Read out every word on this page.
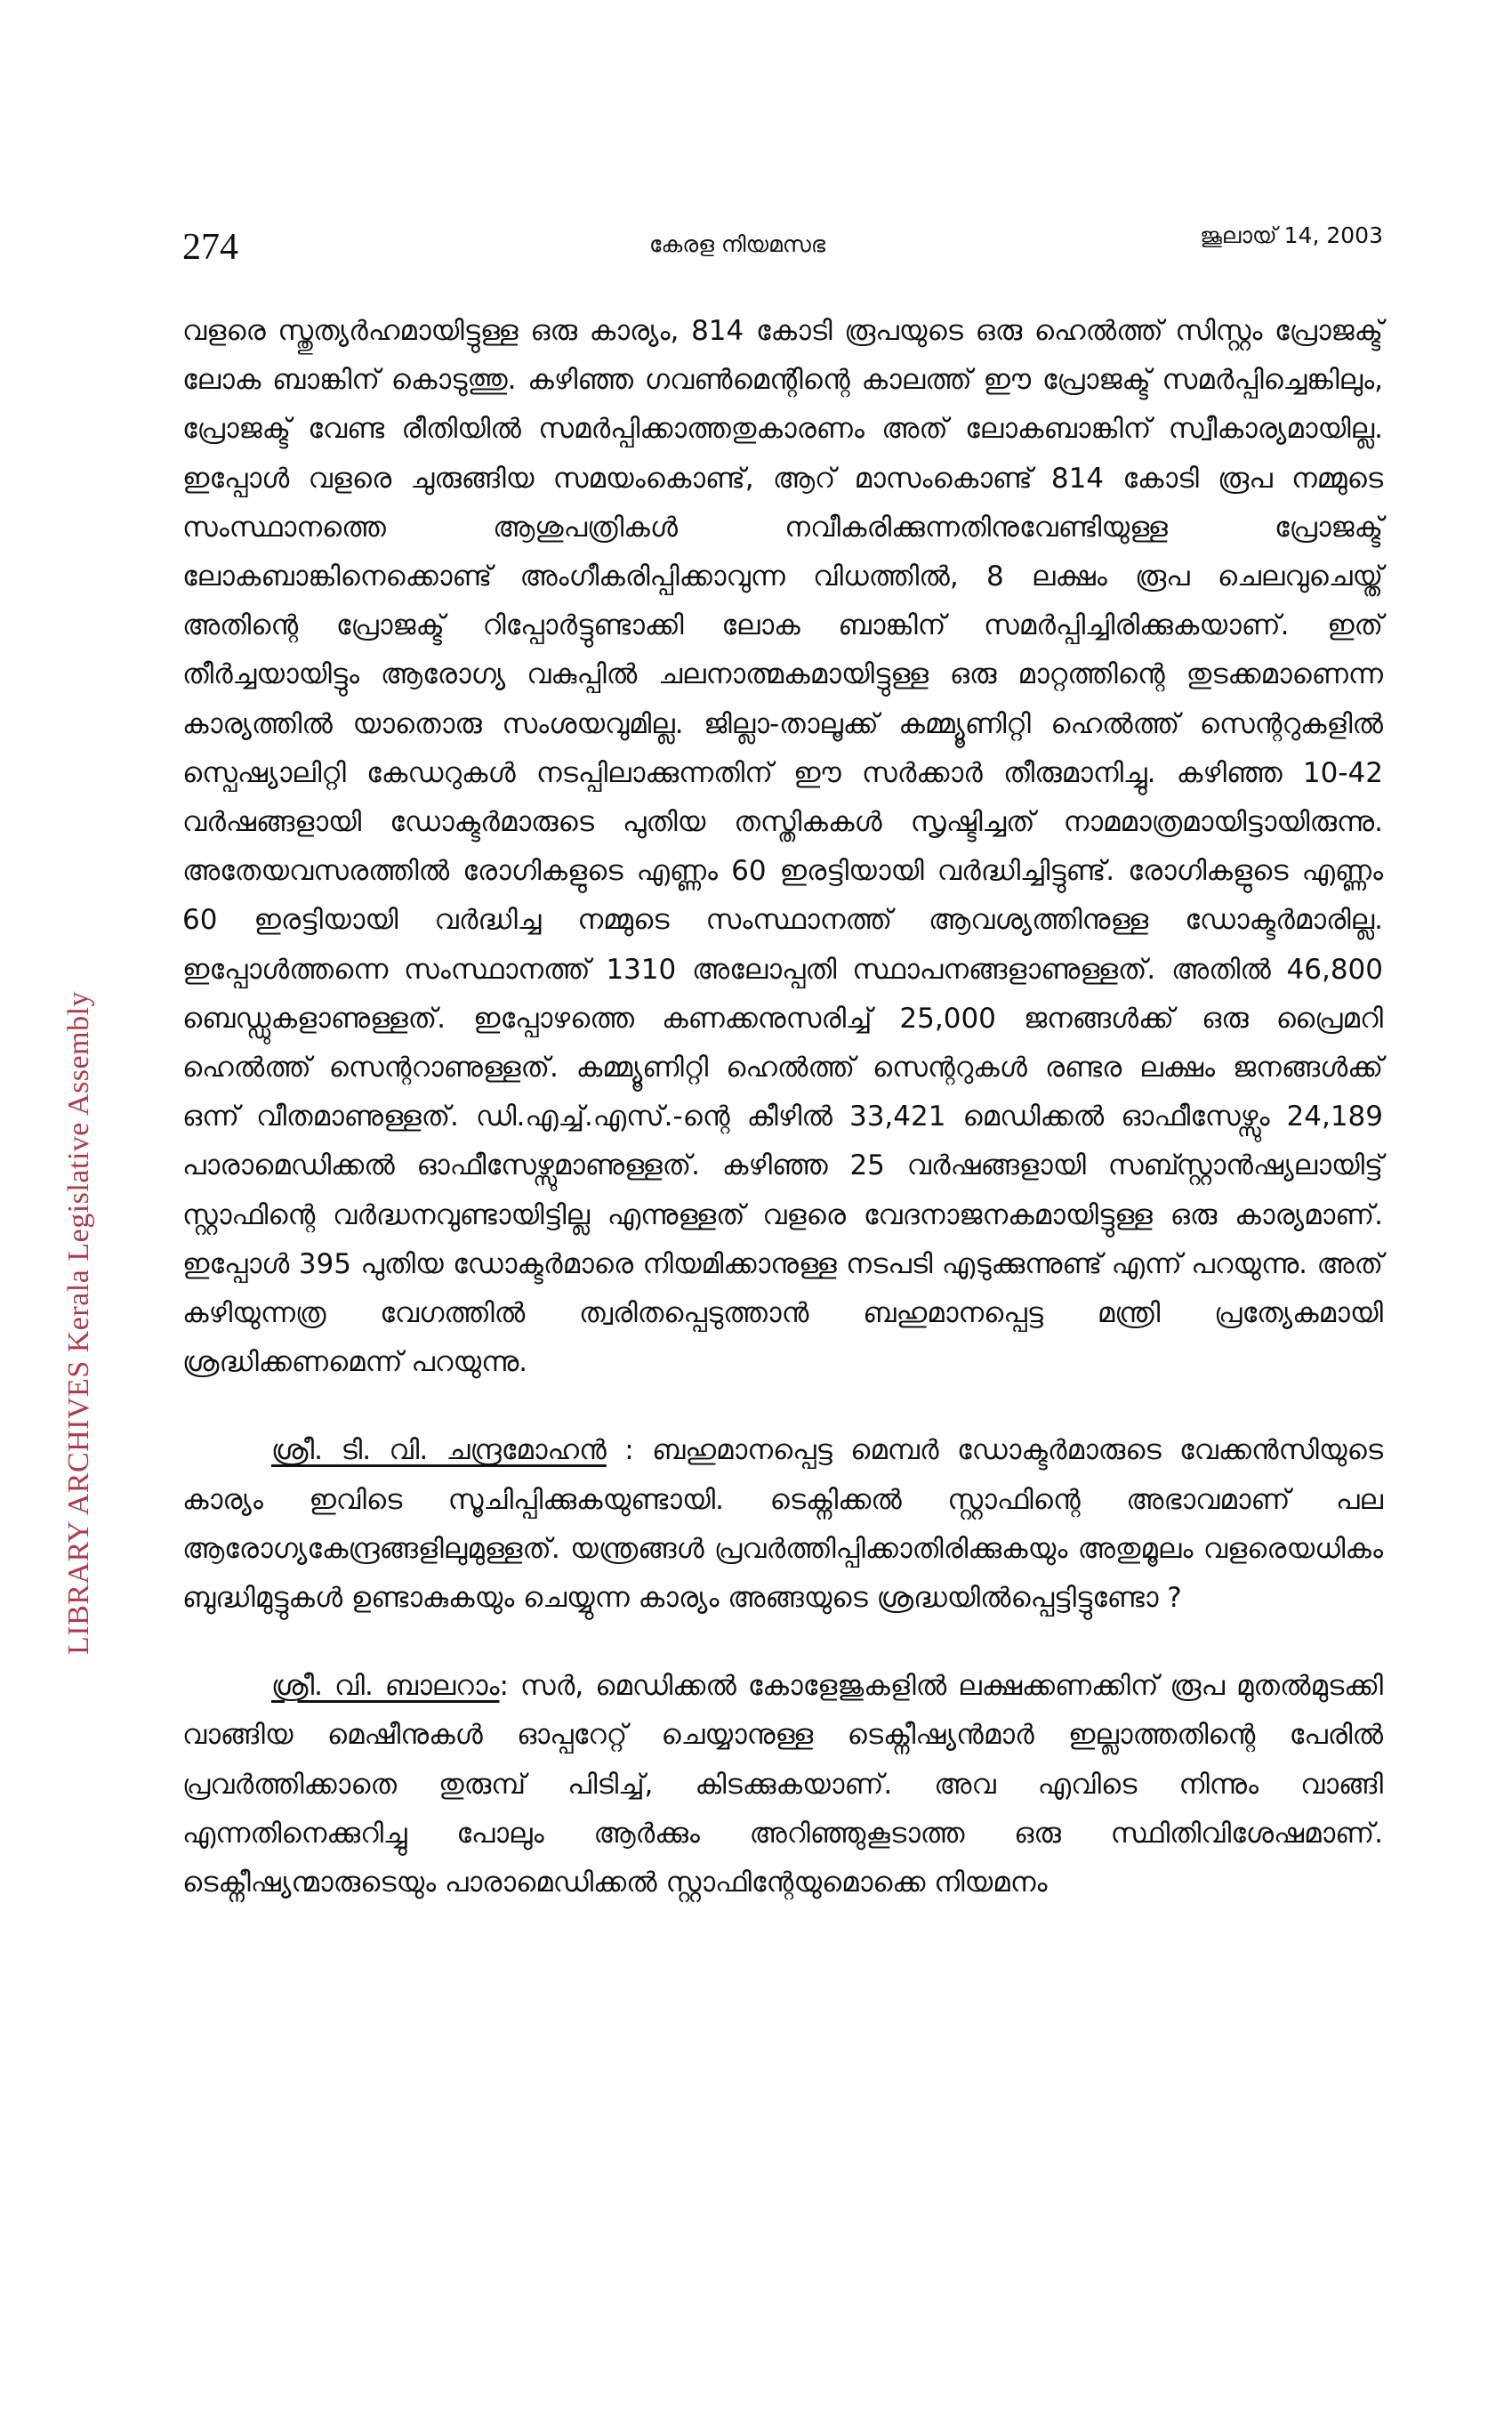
274	കേരള നിയമസഭ	ജൂലായ് 14, 2003
LIBRARY ARCHIVES Kerala Legislative Assembly

വളരെ സ്തുത്യർഹമായിട്ടുള്ള ഒരു കാര്യം, 814 കോടി രൂപയുടെ ഒരു ഹെൽത്ത് സിസ്റ്റം പ്രോജക്ട് ലോക ബാങ്കിന് കൊടുത്തു. കഴിഞ്ഞ ഗവൺമെന്റിന്റെ കാലത്ത് ഈ പ്രോജക്ട് സമർപ്പിച്ചെങ്കിലും, പ്രോജക്ട് വേണ്ട രീതിയിൽ സമർപ്പിക്കാത്തതുകാരണം അത് ലോകബാങ്കിന് സ്വീകാര്യമായില്ല. ഇപ്പോൾ വളരെ ചുരുങ്ങിയ സമയംകൊണ്ട്, ആറ് മാസംകൊണ്ട് 814 കോടി രൂപ നമ്മുടെ സംസ്ഥാനത്തെ ആശുപത്രികൾ നവീകരിക്കുന്നതിനുവേണ്ടിയുള്ള പ്രോജക്ട് ലോകബാങ്കിനെക്കൊണ്ട് അംഗീകരിപ്പിക്കാവുന്ന വിധത്തിൽ, 8 ലക്ഷം രൂപ ചെലവുചെയ്ത് അതിന്റെ പ്രോജക്ട് റിപ്പോർട്ടുണ്ടാക്കി ലോക ബാങ്കിന് സമർപ്പിച്ചിരിക്കുകയാണ്. ഇത് തീർച്ചയായിട്ടും ആരോഗ്യ വകുപ്പിൽ ചലനാത്മകമായിട്ടുള്ള ഒരു മാറ്റത്തിന്റെ തുടക്കമാണെന്ന കാര്യത്തിൽ യാതൊരു സംശയവുമില്ല. ജില്ലാ-താലൂക്ക് കമ്മ്യൂണിറ്റി ഹെൽത്ത് സെന്ററുകളിൽ സ്പെഷ്യാലിറ്റി കേഡറുകൾ നടപ്പിലാക്കുന്നതിന് ഈ സർക്കാർ തീരുമാനിച്ചു. കഴിഞ്ഞ 10-42 വർഷങ്ങളായി ഡോക്ടർമാരുടെ പുതിയ തസ്തികകൾ സൃഷ്ടിച്ചത് നാമമാത്രമായിട്ടായിരുന്നു. അതേയവസരത്തിൽ രോഗികളുടെ എണ്ണം 60 ഇരട്ടിയായി വർദ്ധിച്ചിട്ടുണ്ട്. രോഗികളുടെ എണ്ണം 60 ഇരട്ടിയായി വർദ്ധിച്ച നമ്മുടെ സംസ്ഥാനത്ത് ആവശ്യത്തിനുള്ള ഡോക്ടർമാരില്ല. ഇപ്പോൾത്തന്നെ സംസ്ഥാനത്ത് 1310 അലോപ്പതി സ്ഥാപനങ്ങളാണുള്ളത്. അതിൽ 46,800 ബെഡ്ഡുകളാണുള്ളത്. ഇപ്പോഴത്തെ കണക്കനുസരിച്ച് 25,000 ജനങ്ങൾക്ക് ഒരു പ്രൈമറി ഹെൽത്ത് സെന്ററാണുള്ളത്. കമ്മ്യൂണിറ്റി ഹെൽത്ത് സെന്ററുകൾ രണ്ടര ലക്ഷം ജനങ്ങൾക്ക് ഒന്ന് വീതമാണുള്ളത്. ഡി.എച്ച്.എസ്.-ന്റെ കീഴിൽ 33,421 മെഡിക്കൽ ഓഫീസേഴ്സും 24,189 പാരാമെഡിക്കൽ ഓഫീസേഴ്സുമാണുള്ളത്. കഴിഞ്ഞ 25 വർഷങ്ങളായി സബ്സ്റ്റാൻഷ്യലായിട്ട് സ്റ്റാഫിന്റെ വർദ്ധനവുണ്ടായിട്ടില്ല എന്നുള്ളത് വളരെ വേദനാജനകമായിട്ടുള്ള ഒരു കാര്യമാണ്. ഇപ്പോൾ 395 പുതിയ ഡോക്ടർമാരെ നിയമിക്കാനുള്ള നടപടി എടുക്കുന്നുണ്ട് എന്ന് പറയുന്നു. അത് കഴിയുന്നത്ര വേഗത്തിൽ ത്വരിതപ്പെടുത്താൻ ബഹുമാനപ്പെട്ട മന്ത്രി പ്രത്യേകമായി ശ്രദ്ധിക്കണമെന്ന് പറയുന്നു.

ശ്രീ. ടി. വി. ചന്ദ്രമോഹൻ : ബഹുമാനപ്പെട്ട മെമ്പർ ഡോക്ടർമാരുടെ വേക്കൻസിയുടെ കാര്യം ഇവിടെ സൂചിപ്പിക്കുകയുണ്ടായി. ടെക്നിക്കൽ സ്റ്റാഫിന്റെ അഭാവമാണ് പല ആരോഗ്യകേന്ദ്രങ്ങളിലുമുള്ളത്. യന്ത്രങ്ങൾ പ്രവർത്തിപ്പിക്കാതിരിക്കുകയും അതുമൂലം വളരെയധികം ബുദ്ധിമുട്ടുകൾ ഉണ്ടാകുകയും ചെയ്യുന്ന കാര്യം അങ്ങയുടെ ശ്രദ്ധയിൽപ്പെട്ടിട്ടുണ്ടോ ?

ശ്രീ. വി. ബാലറാം: സർ, മെഡിക്കൽ കോളേജുകളിൽ ലക്ഷക്കണക്കിന് രൂപ മുതൽമുടക്കി വാങ്ങിയ മെഷീനുകൾ ഓപ്പറേറ്റ് ചെയ്യാനുള്ള ടെക്നീഷ്യൻമാർ ഇല്ലാത്തതിന്റെ പേരിൽ പ്രവർത്തിക്കാതെ തുരുമ്പ് പിടിച്ച്, കിടക്കുകയാണ്. അവ എവിടെ നിന്നും വാങ്ങി എന്നതിനെക്കുറിച്ചു പോലും ആർക്കും അറിഞ്ഞുകൂടാത്ത ഒരു സ്ഥിതിവിശേഷമാണ്. ടെക്നീഷ്യന്മാരുടെയും പാരാമെഡിക്കൽ സ്റ്റാഫിന്റേയുമൊക്കെ നിയമനം
